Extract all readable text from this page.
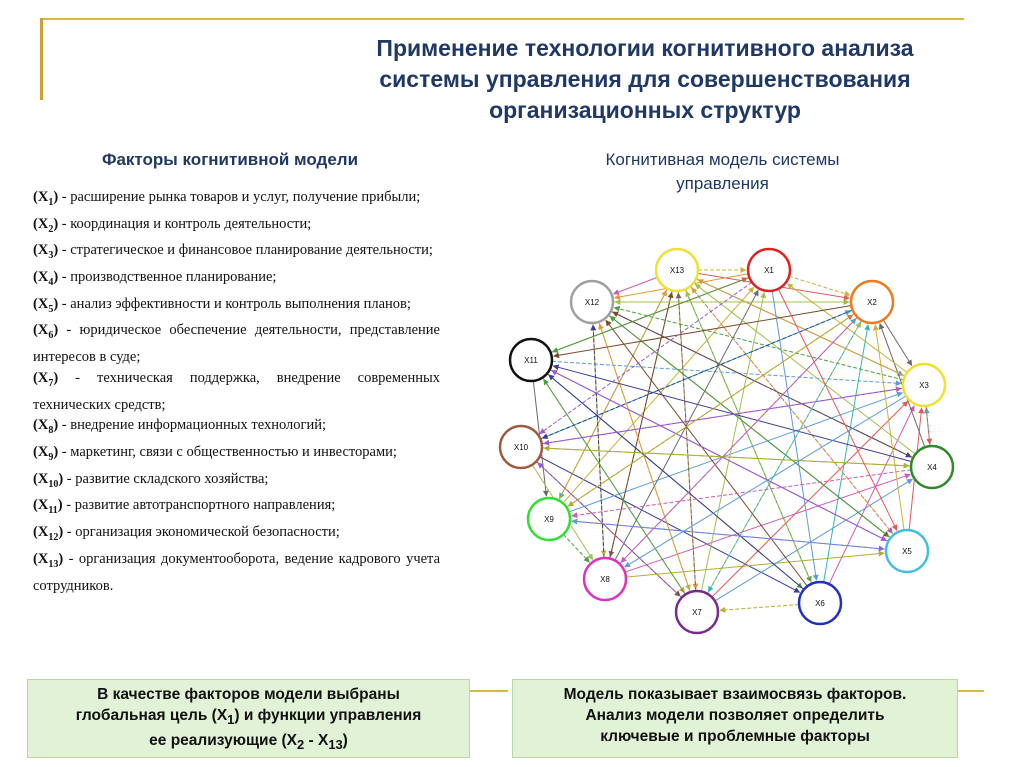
Применение технологии когнитивного анализа
системы управления для совершенствования
организационных структур
Факторы когнитивной модели	Когнитивная модель системы
управления

$(X_1)$ - расширение рынка товаров и услуг, получение прибыли;

$(X_2)$ - координация и контроль деятельности;

$(X_3)$ - стратегическое и финансовое планирование деятельности;

$(X_4)$ - производственное планирование;

$(X_5)$ - анализ эффективности и контроль выполнения планов;

$(X_6)$ - юридическое обеспечение деятельности, представление интересов в суде;

$(X_7)$ - техническая поддержка, внедрение современных технических средств;

$(X_8)$ - внедрение информационных технологий;

$(X_9)$ - маркетинг, связи с общественностью и инвесторами;

$(X_{10})$ - развитие складского хозяйства;

$(X_{11})$ - развитие автотранспортного направления;

$(X_{12})$ - организация экономической безопасности;

$(X_{13})$ - организация документооборота, ведение кадрового учета сотрудников.

X1
X2
X3
X4
X5
X6
X7
X8
X9
X10
X11
X12
X13
В качестве факторов модели выбраны
глобальная цель $(X_1)$ и функции управления
ее реализующие $(X_2 - X_{13})$
Модель показывает взаимосвязь факторов.
Анализ модели позволяет определить
ключевые и проблемные факторы
